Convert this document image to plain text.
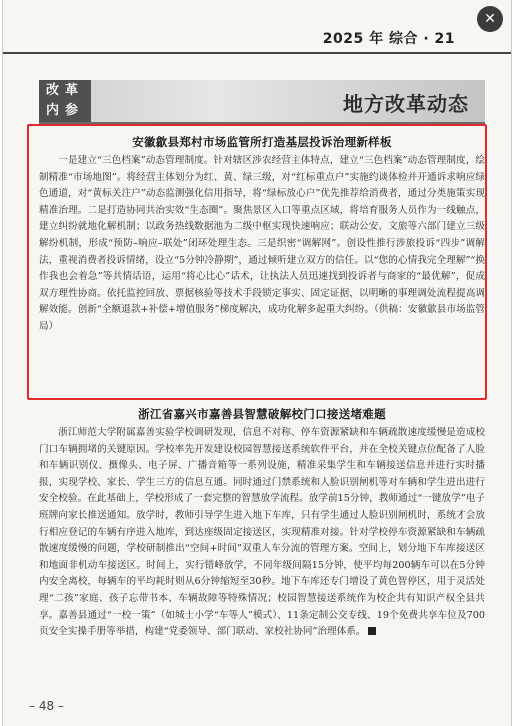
2025 年 综合 · 21
✕
改革
内参	地方改革动态
安徽歙县郑村市场监管所打造基层投诉治理新样板

一是建立“三色档案”动态管理制度。针对辖区涉农经营主体特点，建立“三色档案”动态管理制度，绘制精准“市场地图”。将经营主体划分为红、黄、绿三级，对“红标重点户”实施约谈体检并开通诉求响应绿色通道，对“黄标关注户”动态监测强化信用指导，将“绿标放心户”优先推荐给消费者，通过分类施策实现精准治理。二是打造协同共治实效“生态圈”。聚焦景区入口等重点区域，将培育服务人员作为一线触点，建立纠纷就地化解机制；以政务热线数据池为二级中枢实现快速响应；联动公安、文旅等六部门建立三级解纷机制，形成“预防–响应–联处”闭环处理生态。三是织密“调解网”。创设性推行涉旅投诉“四步”调解法，重视消费者投诉情绪，设立“5分钟冷静期”，通过倾听建立双方的信任。以“您的心情我完全理解”“换作我也会着急”等共情话语，运用“将心比心”话术，让执法人员迅速找到投诉者与商家的“最优解”，促成双方理性协商。依托监控回放、票据核验等技术手段锁定事实、固定证据，以明晰的事理调处流程提高调解效能。创新“全额退款+补偿+增值服务”梯度解决，成功化解多起重大纠纷。（供稿：安徽歙县市场监管局）

浙江省嘉兴市嘉善县智慧破解校门口接送堵难题

浙江师范大学附属嘉善实验学校调研发现，信息不对称、停车资源紧缺和车辆疏散速度缓慢是造成校门口车辆拥堵的关键原因。学校率先开发建设校园智慧接送系统软件平台，并在全校关键点位配备了人脸和车辆识别仪、摄像头、电子屏、广播音箱等一系列设施，精准采集学生和车辆接送信息并进行实时播报，实现学校、家长、学生三方的信息互通。同时通过门禁系统和人脸识别闸机等对车辆和学生进出进行安全校验。在此基础上，学校形成了一套完整的智慧放学流程。放学前15分钟，教师通过“一键放学”电子班牌向家长推送通知。放学时，教师引导学生进入地下车库，只有学生通过人脸识别闸机时，系统才会放行相应登记的车辆有序进入地库，到达座级固定接送区，实现精准对接。针对学校停车资源紧缺和车辆疏散速度缓慢的问题，学校研制推出“空间+时间”双重人车分流的管理方案。空间上，划分地下车库接送区和地面非机动车接送区。时间上，实行错峰放学，不同年级间隔15分钟，使平均每200辆车可以在5分钟内安全离校，每辆车的平均耗时则从6分钟缩短至30秒。地下车库还专门增设了黄色智停区，用于灵活处理“二孩”家庭、孩子忘带书本、车辆故障等特殊情况；校园智慧接送系统作为校企共有知识产权全县共享。嘉善县通过“一校一策”（如城士小学“车等人”模式）、11条定制公交专线、19个免费共享车位及700页安全实操手册等举措，构建“党委领导、部门联动、家校社协同”治理体系。

– 48 –
